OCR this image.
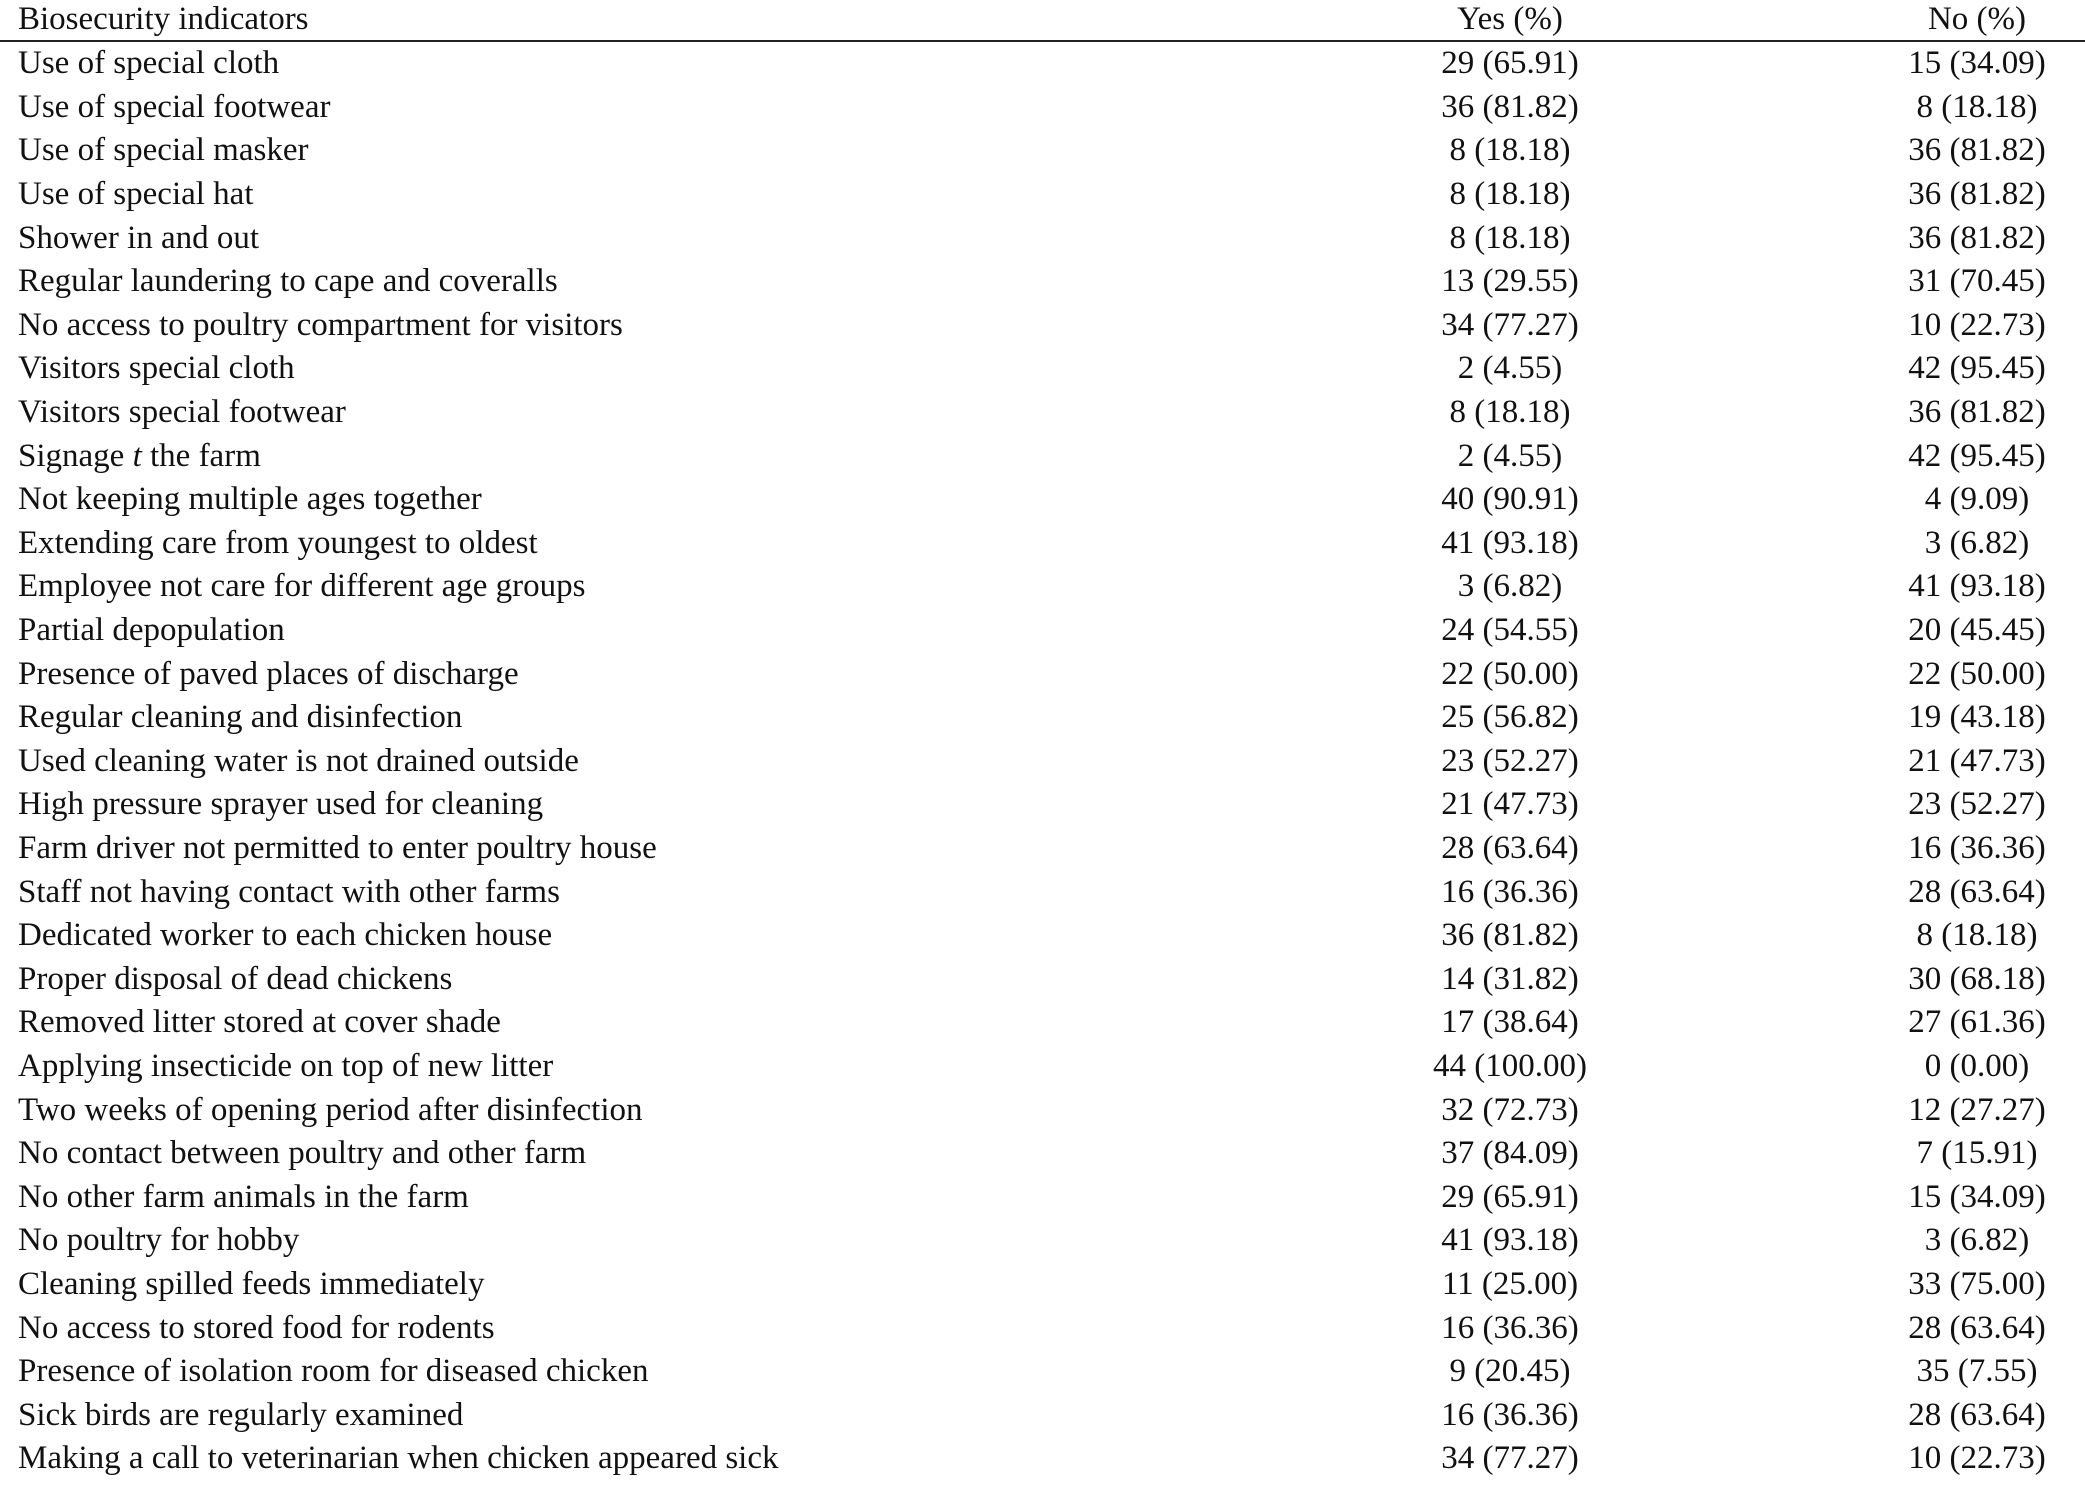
Biosecurity indicators	Yes (%)	No (%)
Use of special cloth	29 (65.91)	15 (34.09)
Use of special footwear	36 (81.82)	8 (18.18)
Use of special masker	8 (18.18)	36 (81.82)
Use of special hat	8 (18.18)	36 (81.82)
Shower in and out	8 (18.18)	36 (81.82)
Regular laundering to cape and coveralls	13 (29.55)	31 (70.45)
No access to poultry compartment for visitors	34 (77.27)	10 (22.73)
Visitors special cloth	2 (4.55)	42 (95.45)
Visitors special footwear	8 (18.18)	36 (81.82)
Signage t the farm	2 (4.55)	42 (95.45)
Not keeping multiple ages together	40 (90.91)	4 (9.09)
Extending care from youngest to oldest	41 (93.18)	3 (6.82)
Employee not care for different age groups	3 (6.82)	41 (93.18)
Partial depopulation	24 (54.55)	20 (45.45)
Presence of paved places of discharge	22 (50.00)	22 (50.00)
Regular cleaning and disinfection	25 (56.82)	19 (43.18)
Used cleaning water is not drained outside	23 (52.27)	21 (47.73)
High pressure sprayer used for cleaning	21 (47.73)	23 (52.27)
Farm driver not permitted to enter poultry house	28 (63.64)	16 (36.36)
Staff not having contact with other farms	16 (36.36)	28 (63.64)
Dedicated worker to each chicken house	36 (81.82)	8 (18.18)
Proper disposal of dead chickens	14 (31.82)	30 (68.18)
Removed litter stored at cover shade	17 (38.64)	27 (61.36)
Applying insecticide on top of new litter	44 (100.00)	0 (0.00)
Two weeks of opening period after disinfection	32 (72.73)	12 (27.27)
No contact between poultry and other farm	37 (84.09)	7 (15.91)
No other farm animals in the farm	29 (65.91)	15 (34.09)
No poultry for hobby	41 (93.18)	3 (6.82)
Cleaning spilled feeds immediately	11 (25.00)	33 (75.00)
No access to stored food for rodents	16 (36.36)	28 (63.64)
Presence of isolation room for diseased chicken	9 (20.45)	35 (7.55)
Sick birds are regularly examined	16 (36.36)	28 (63.64)
Making a call to veterinarian when chicken appeared sick	34 (77.27)	10 (22.73)
